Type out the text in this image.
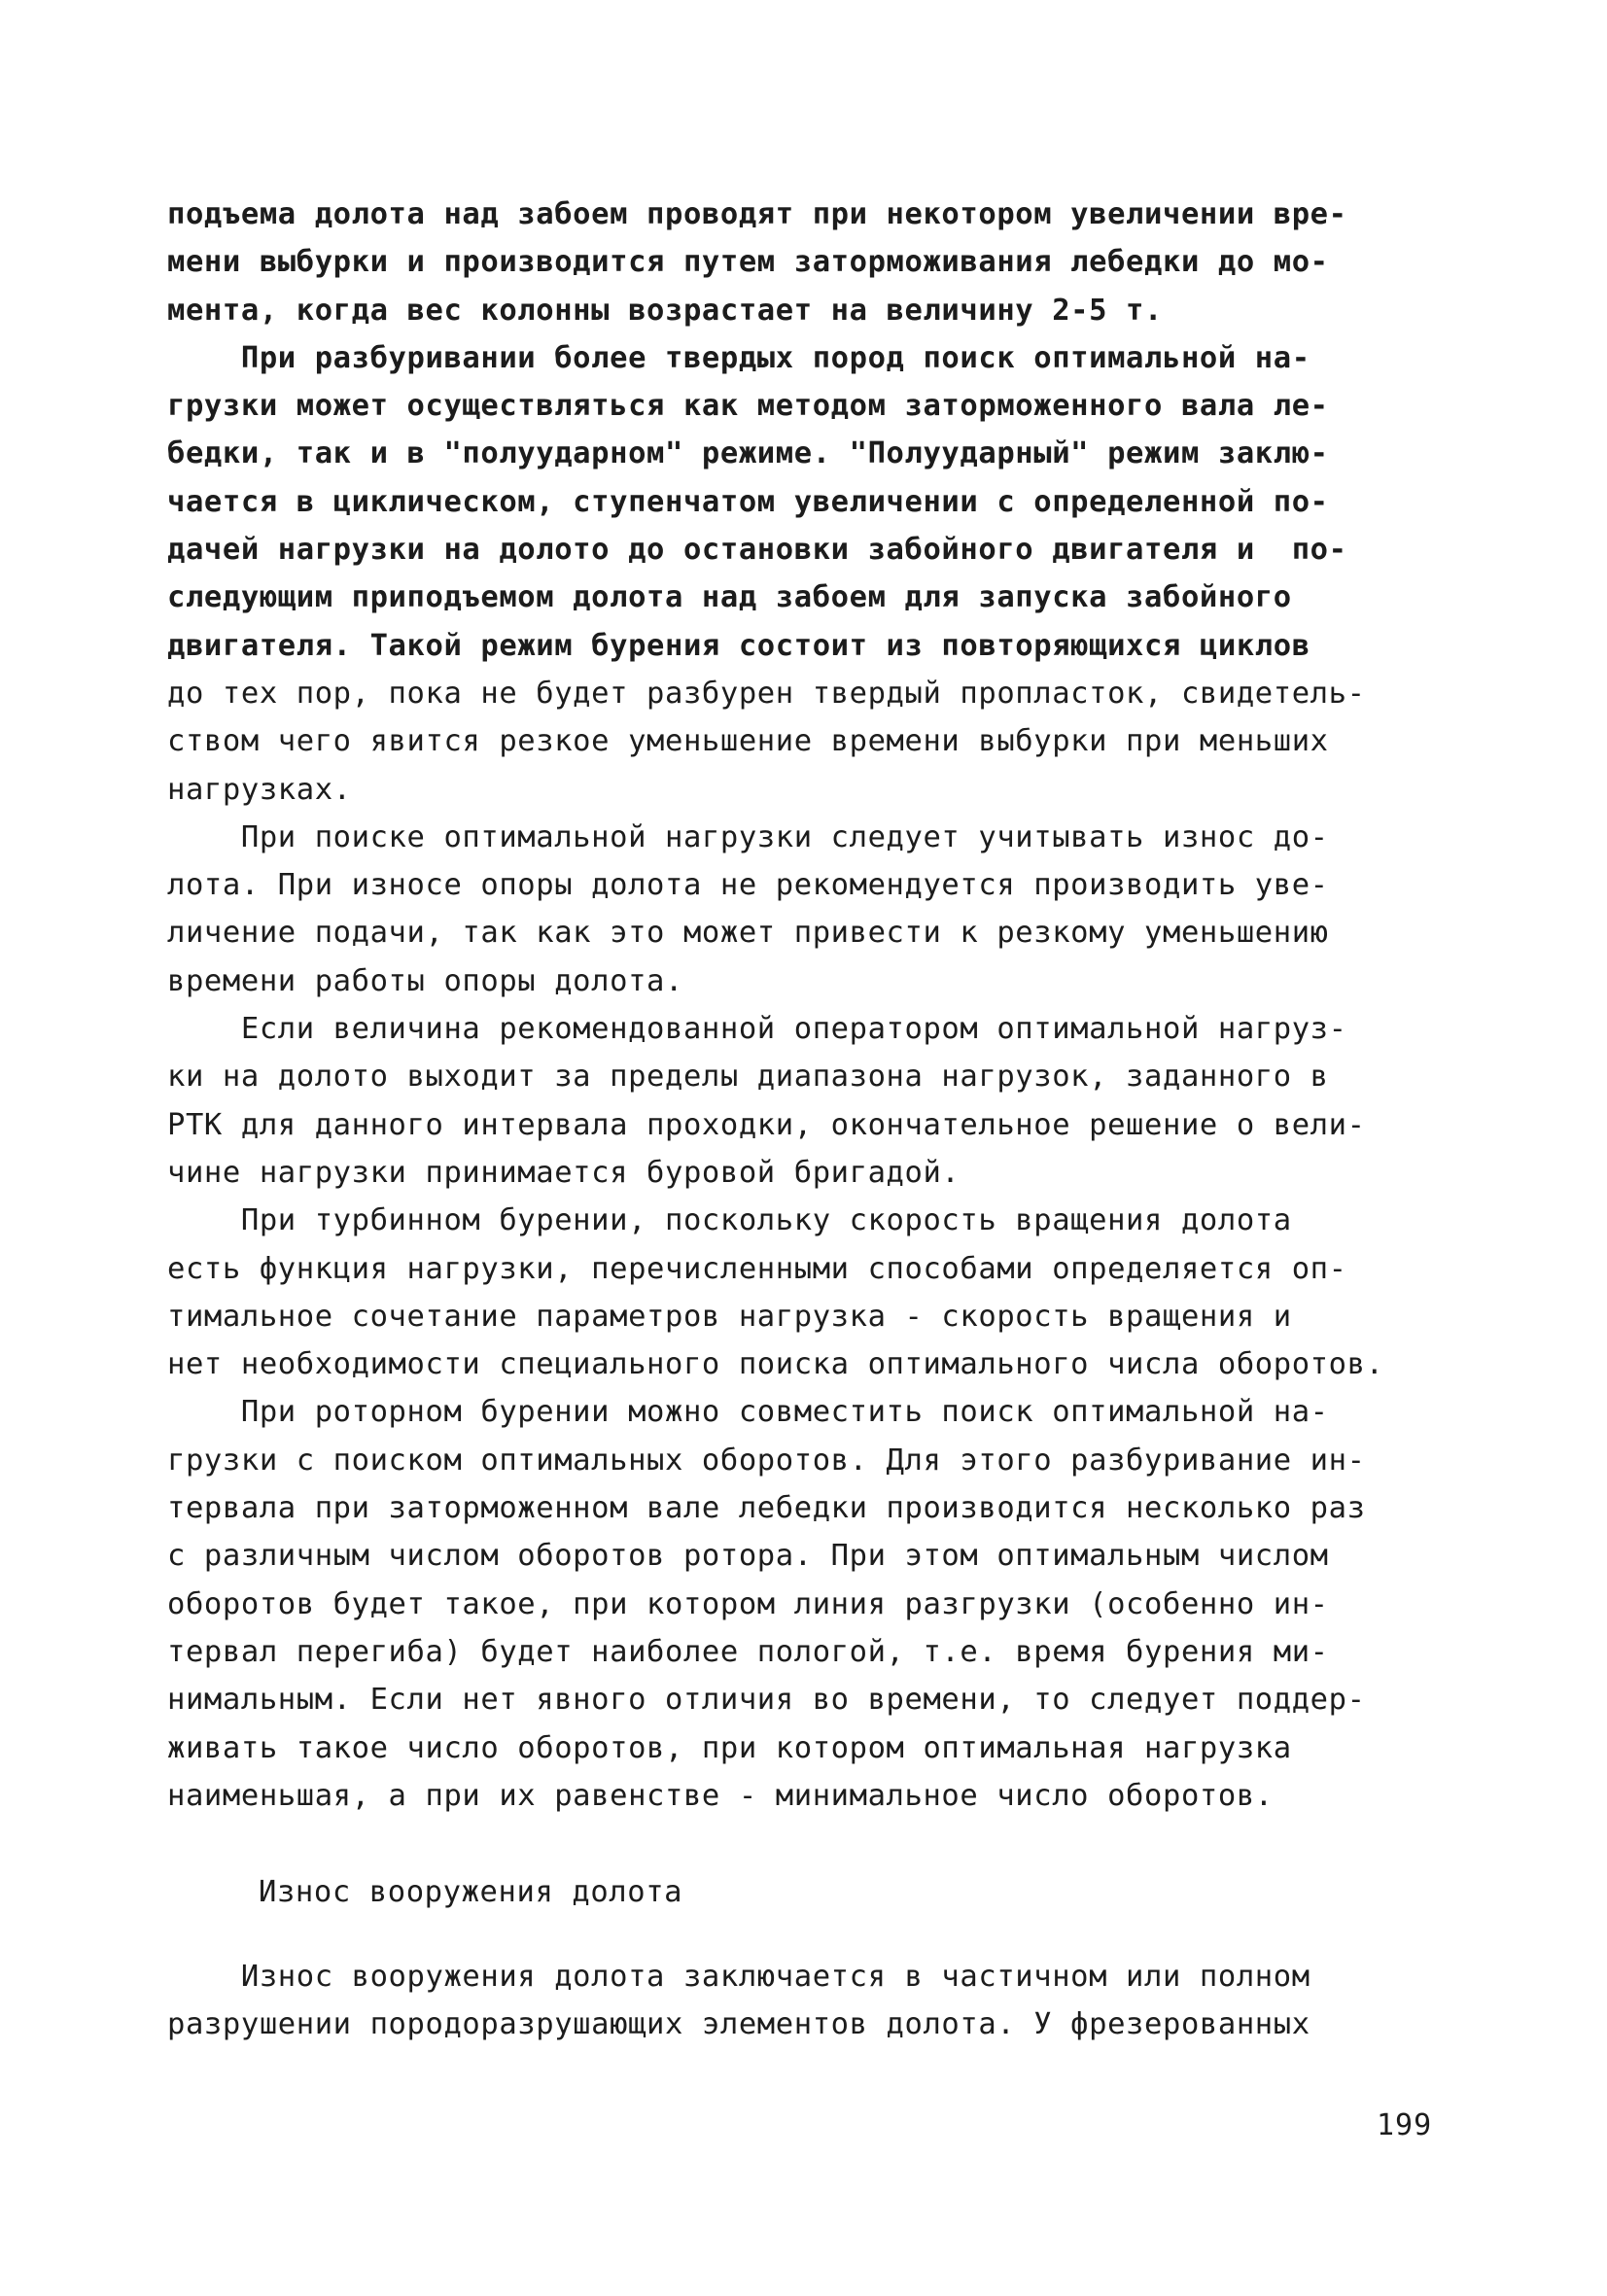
подъема долота над забоем проводят при некотором увеличении вре-
мени выбурки и производится путем заторможивания лебедки до мо-
мента, когда вес колонны возрастает на величину 2-5 т.
При разбуривании более твердых пород поиск оптимальной на-
грузки может осуществляться как методом заторможенного вала ле-
бедки, так и в "полуударном" режиме. "Полуударный" режим заклю-
чается в циклическом, ступенчатом увеличении с определенной по-
дачей нагрузки на долото до остановки забойного двигателя и  по-
следующим приподъемом долота над забоем для запуска забойного
двигателя. Такой режим бурения состоит из повторяющихся циклов
до тех пор, пока не будет разбурен твердый пропласток, свидетель-
ством чего явится резкое уменьшение времени выбурки при меньших
нагрузках.
При поиске оптимальной нагрузки следует учитывать износ до-
лота. При износе опоры долота не рекомендуется производить уве-
личение подачи, так как это может привести к резкому уменьшению
времени работы опоры долота.
Если величина рекомендованной оператором оптимальной нагруз-
ки на долото выходит за пределы диапазона нагрузок, заданного в
РТК для данного интервала проходки, окончательное решение о вели-
чине нагрузки принимается буровой бригадой.
При турбинном бурении, поскольку скорость вращения долота
есть функция нагрузки, перечисленными способами определяется оп-
тимальное сочетание параметров нагрузка - скорость вращения и
нет необходимости специального поиска оптимального числа оборотов.
При роторном бурении можно совместить поиск оптимальной на-
грузки с поиском оптимальных оборотов. Для этого разбуривание ин-
тервала при заторможенном вале лебедки производится несколько раз
с различным числом оборотов ротора. При этом оптимальным числом
оборотов будет такое, при котором линия разгрузки (особенно ин-
тервал перегиба) будет наиболее пологой, т.е. время бурения ми-
нимальным. Если нет явного отличия во времени, то следует поддер-
живать такое число оборотов, при котором оптимальная нагрузка
наименьшая, а при их равенстве - минимальное число оборотов.
Износ вооружения долота
Износ вооружения долота заключается в частичном или полном
разрушении породоразрушающих элементов долота. У фрезерованных
199
